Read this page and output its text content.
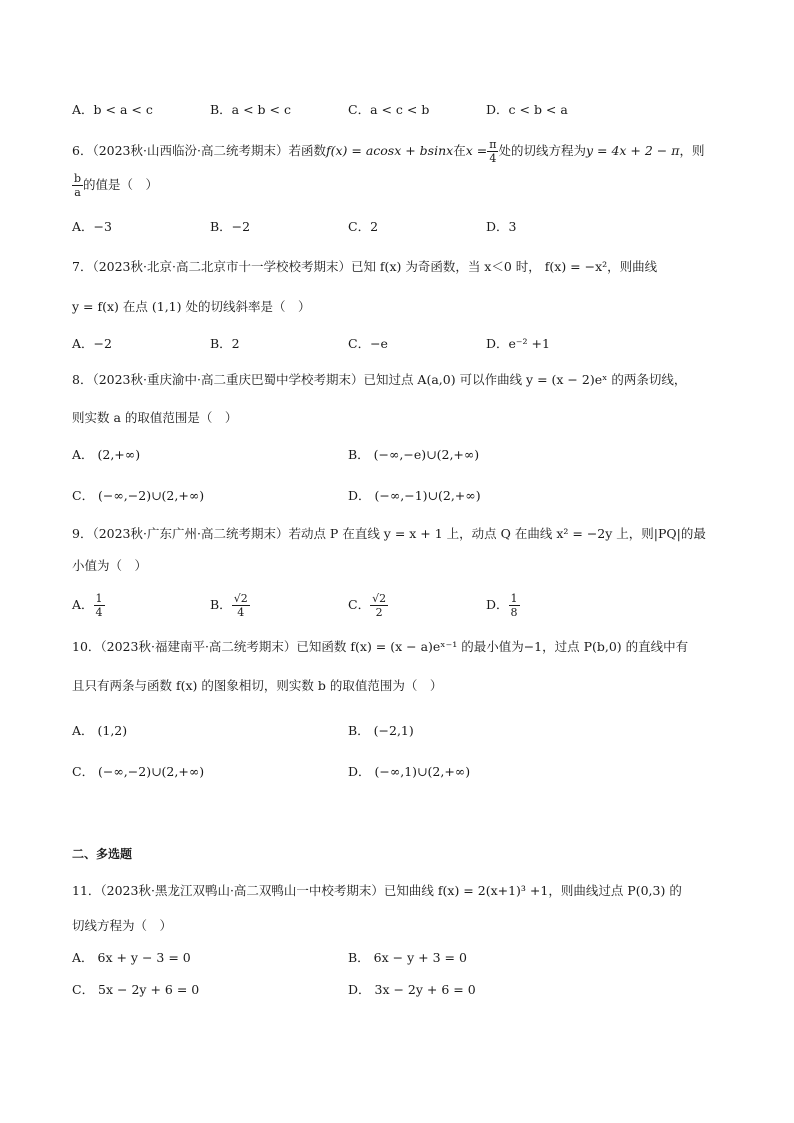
A．b < a < c	B．a < b < c	C．a < c < b	D．c < b < a
6．（2023秋·山西临汾·高二统考期末）若函数f(x) = acosx + bsinx在$x = \frac{\pi}{4}$ 处的切线方程为y = 4x + 2 − π，则
$\frac{b}{a}$ 的值是（　）
A．−3	B．−2	C．2	D．3
7．（2023秋·北京·高二北京市十一学校校考期末）已知 f(x) 为奇函数，当 x＜0 时， f(x) = −x²，则曲线
y = f(x) 在点 (1,1) 处的切线斜率是（　）
A．−2	B．2	C．−e	D．e⁻² +1
8．（2023秋·重庆渝中·高二重庆巴蜀中学校考期末）已知过点 A(a,0) 可以作曲线 y = (x − 2)eˣ 的两条切线，
则实数 a 的取值范围是（　）
A． (2,+∞)	B． (−∞,−e)∪(2,+∞)
C． (−∞,−2)∪(2,+∞)	D． (−∞,−1)∪(2,+∞)
9．（2023秋·广东广州·高二统考期末）若动点 P 在直线 y = x + 1 上，动点 Q 在曲线 x² = −2y 上，则|PQ|的最
小值为（　）
A． $\frac{1}{4}$	B． $\frac{√2}{4}$	C． $\frac{√2}{2}$	D． $\frac{1}{8}$
10．（2023秋·福建南平·高二统考期末）已知函数 f(x) = (x − a)eˣ⁻¹ 的最小值为−1，过点 P(b,0) 的直线中有
且只有两条与函数 f(x) 的图象相切，则实数 b 的取值范围为（　）
A． (1,2)	B． (−2,1)
C． (−∞,−2)∪(2,+∞)	D． (−∞,1)∪(2,+∞)
二、多选题
11．（2023秋·黑龙江双鸭山·高二双鸭山一中校考期末）已知曲线 f(x) = 2(x+1)³ +1，则曲线过点 P(0,3) 的
切线方程为（　）
A． 6x + y − 3 = 0	B． 6x − y + 3 = 0
C． 5x − 2y + 6 = 0	D． 3x − 2y + 6 = 0
